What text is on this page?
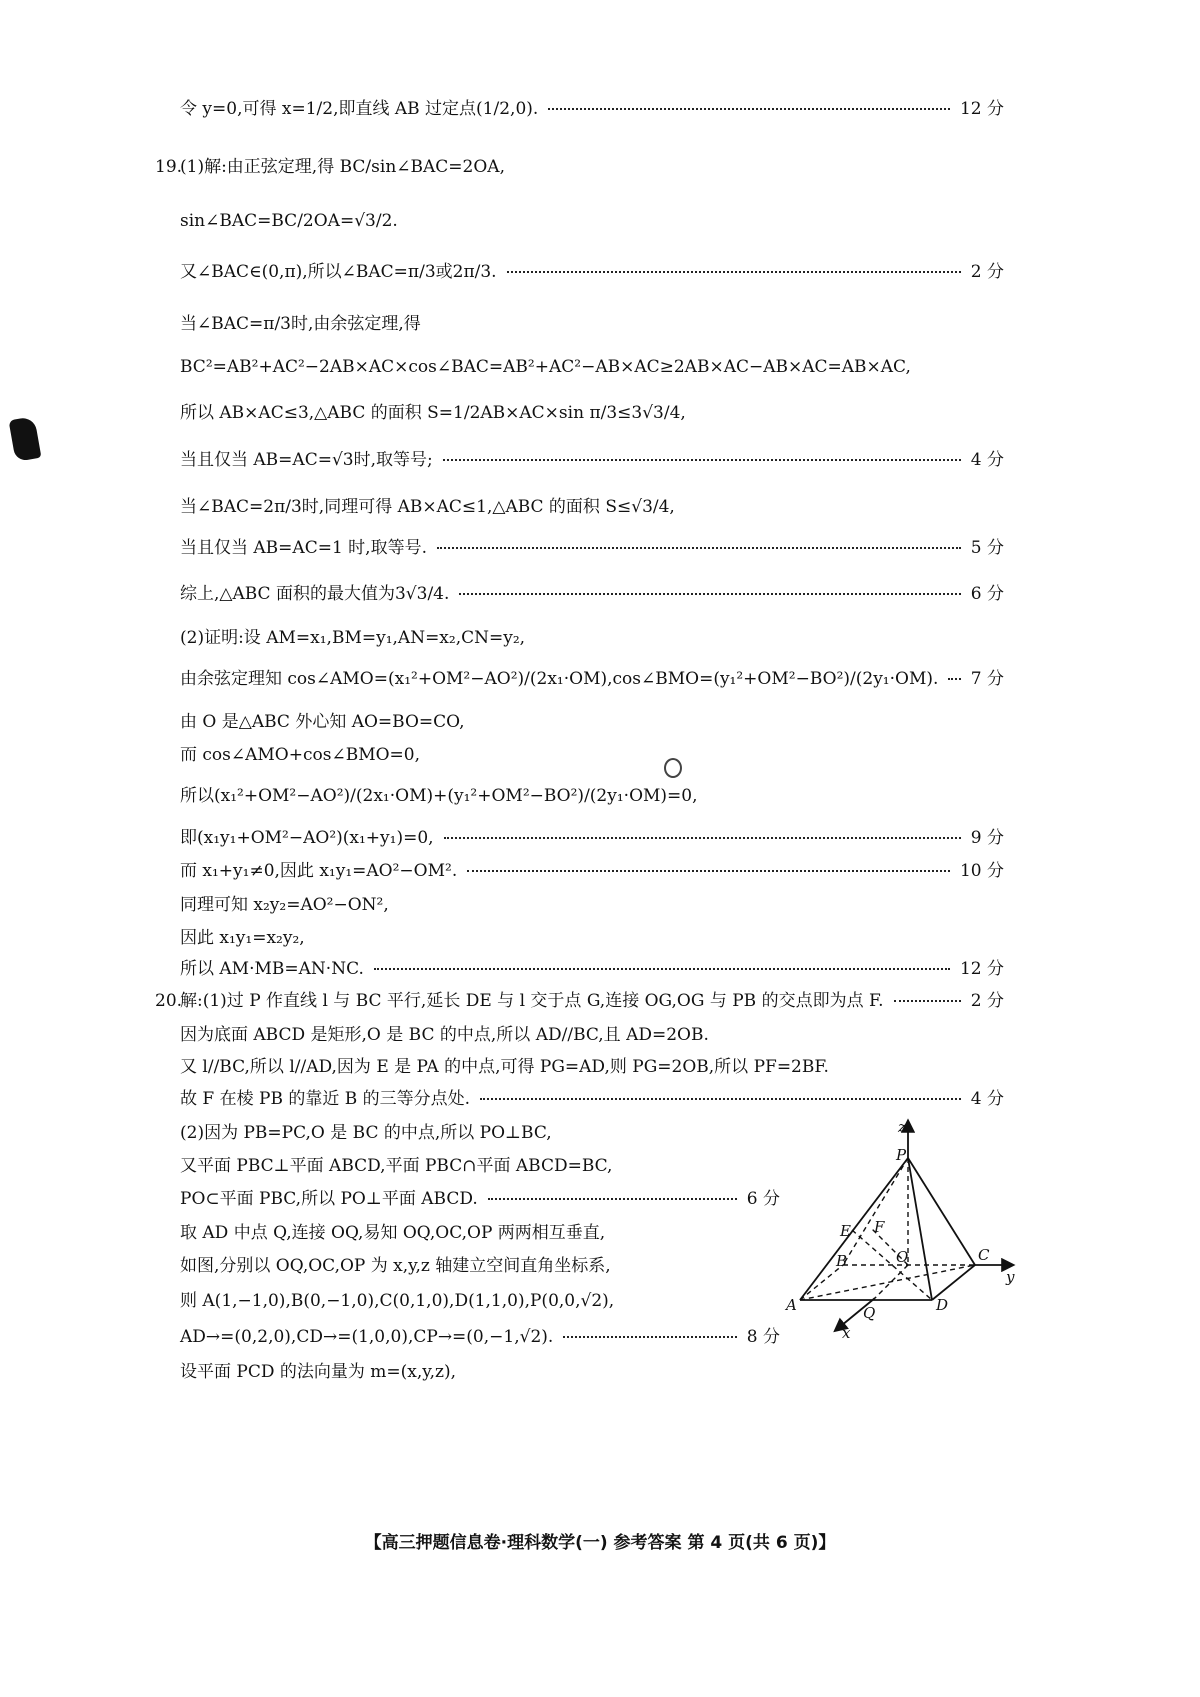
令 y=0,可得 x=1/2,即直线 AB 过定点(1/2,0).	12 分
19.
(1)解:由正弦定理,得 BC/sin∠BAC=2OA,
sin∠BAC=BC/2OA=√3/2.
又∠BAC∈(0,π),所以∠BAC=π/3或2π/3.	2 分
当∠BAC=π/3时,由余弦定理,得
BC²=AB²+AC²−2AB×AC×cos∠BAC=AB²+AC²−AB×AC≥2AB×AC−AB×AC=AB×AC,
所以 AB×AC≤3,△ABC 的面积 S=1/2AB×AC×sin π/3≤3√3/4,
当且仅当 AB=AC=√3时,取等号;	4 分
当∠BAC=2π/3时,同理可得 AB×AC≤1,△ABC 的面积 S≤√3/4,
当且仅当 AB=AC=1 时,取等号.	5 分
综上,△ABC 面积的最大值为3√3/4.	6 分
(2)证明:设 AM=x₁,BM=y₁,AN=x₂,CN=y₂,
由余弦定理知 cos∠AMO=(x₁²+OM²−AO²)/(2x₁·OM),cos∠BMO=(y₁²+OM²−BO²)/(2y₁·OM). 7 分
由 O 是△ABC 外心知 AO=BO=CO,
而 cos∠AMO+cos∠BMO=0,
所以(x₁²+OM²−AO²)/(2x₁·OM)+(y₁²+OM²−BO²)/(2y₁·OM)=0,
即(x₁y₁+OM²−AO²)(x₁+y₁)=0,	9 分
而 x₁+y₁≠0,因此 x₁y₁=AO²−OM².	10 分
同理可知 x₂y₂=AO²−ON²,
因此 x₁y₁=x₂y₂,
所以 AM·MB=AN·NC.	12 分
20.
解:(1)过 P 作直线 l 与 BC 平行,延长 DE 与 l 交于点 G,连接 OG,OG 与 PB 的交点即为点 F.	2 分
因为底面 ABCD 是矩形,O 是 BC 的中点,所以 AD//BC,且 AD=2OB.
又 l//BC,所以 l//AD,因为 E 是 PA 的中点,可得 PG=AD,则 PG=2OB,所以 PF=2BF.
故 F 在棱 PB 的靠近 B 的三等分点处.	4 分
(2)因为 PB=PC,O 是 BC 的中点,所以 PO⊥BC,
又平面 PBC⊥平面 ABCD,平面 PBC∩平面 ABCD=BC,
PO⊂平面 PBC,所以 PO⊥平面 ABCD.	6 分
取 AD 中点 Q,连接 OQ,易知 OQ,OC,OP 两两相互垂直,
如图,分别以 OQ,OC,OP 为 x,y,z 轴建立空间直角坐标系,
则 A(1,−1,0),B(0,−1,0),C(0,1,0),D(1,1,0),P(0,0,√2),
AD→=(0,2,0),CD→=(1,0,0),CP→=(0,−1,√2).	8 分
设平面 PCD 的法向量为 m=(x,y,z),
z
P
E F
B	O	C
y
A	Q	D
x
【高三押题信息卷·理科数学(一) 参考答案 第 4 页(共 6 页)】
